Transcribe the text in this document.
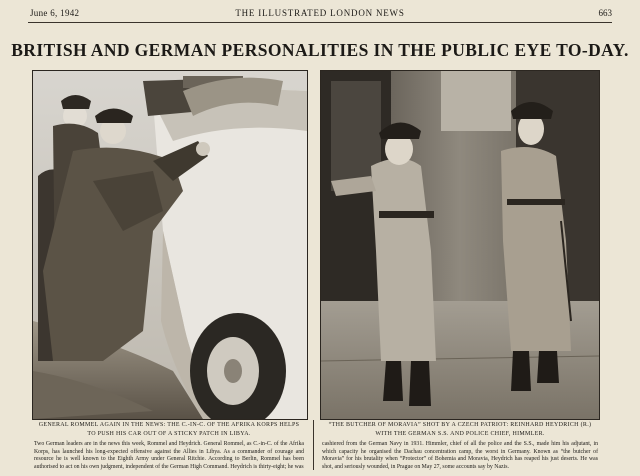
June 6, 1942	THE ILLUSTRATED LONDON NEWS	663
BRITISH AND GERMAN PERSONALITIES IN THE PUBLIC EYE TO-DAY.
GENERAL ROMMEL AGAIN IN THE NEWS: THE C.-IN-C. OF THE AFRIKA KORPS HELPS TO PUSH HIS CAR OUT OF A STICKY PATCH IN LIBYA.
Two German leaders are in the news this week, Rommel and Heydrich. General Rommel, as C.-in-C. of the Afrika Korps, has launched his long-expected offensive against the Allies in Libya. As a commander of courage and resource he is well known to the Eighth Army under General Ritchie. According to Berlin, Rommel has been authorised to act on his own judgment, independent of the German High Command. Heydrich is thirty-eight; he was
“THE BUTCHER OF MORAVIA” SHOT BY A CZECH PATRIOT: REINHARD HEYDRICH (R.) WITH THE GERMAN S.S. AND POLICE CHIEF, HIMMLER.
cashiered from the German Navy in 1931. Himmler, chief of all the police and the S.S., made him his adjutant, in which capacity he organised the Dachau concentration camp, the worst in Germany. Known as “the butcher of Moravia” for his brutality when “Protector” of Bohemia and Moravia, Heydrich has reaped his just deserts. He was shot, and seriously wounded, in Prague on May 27, some accounts say by Nazis.
